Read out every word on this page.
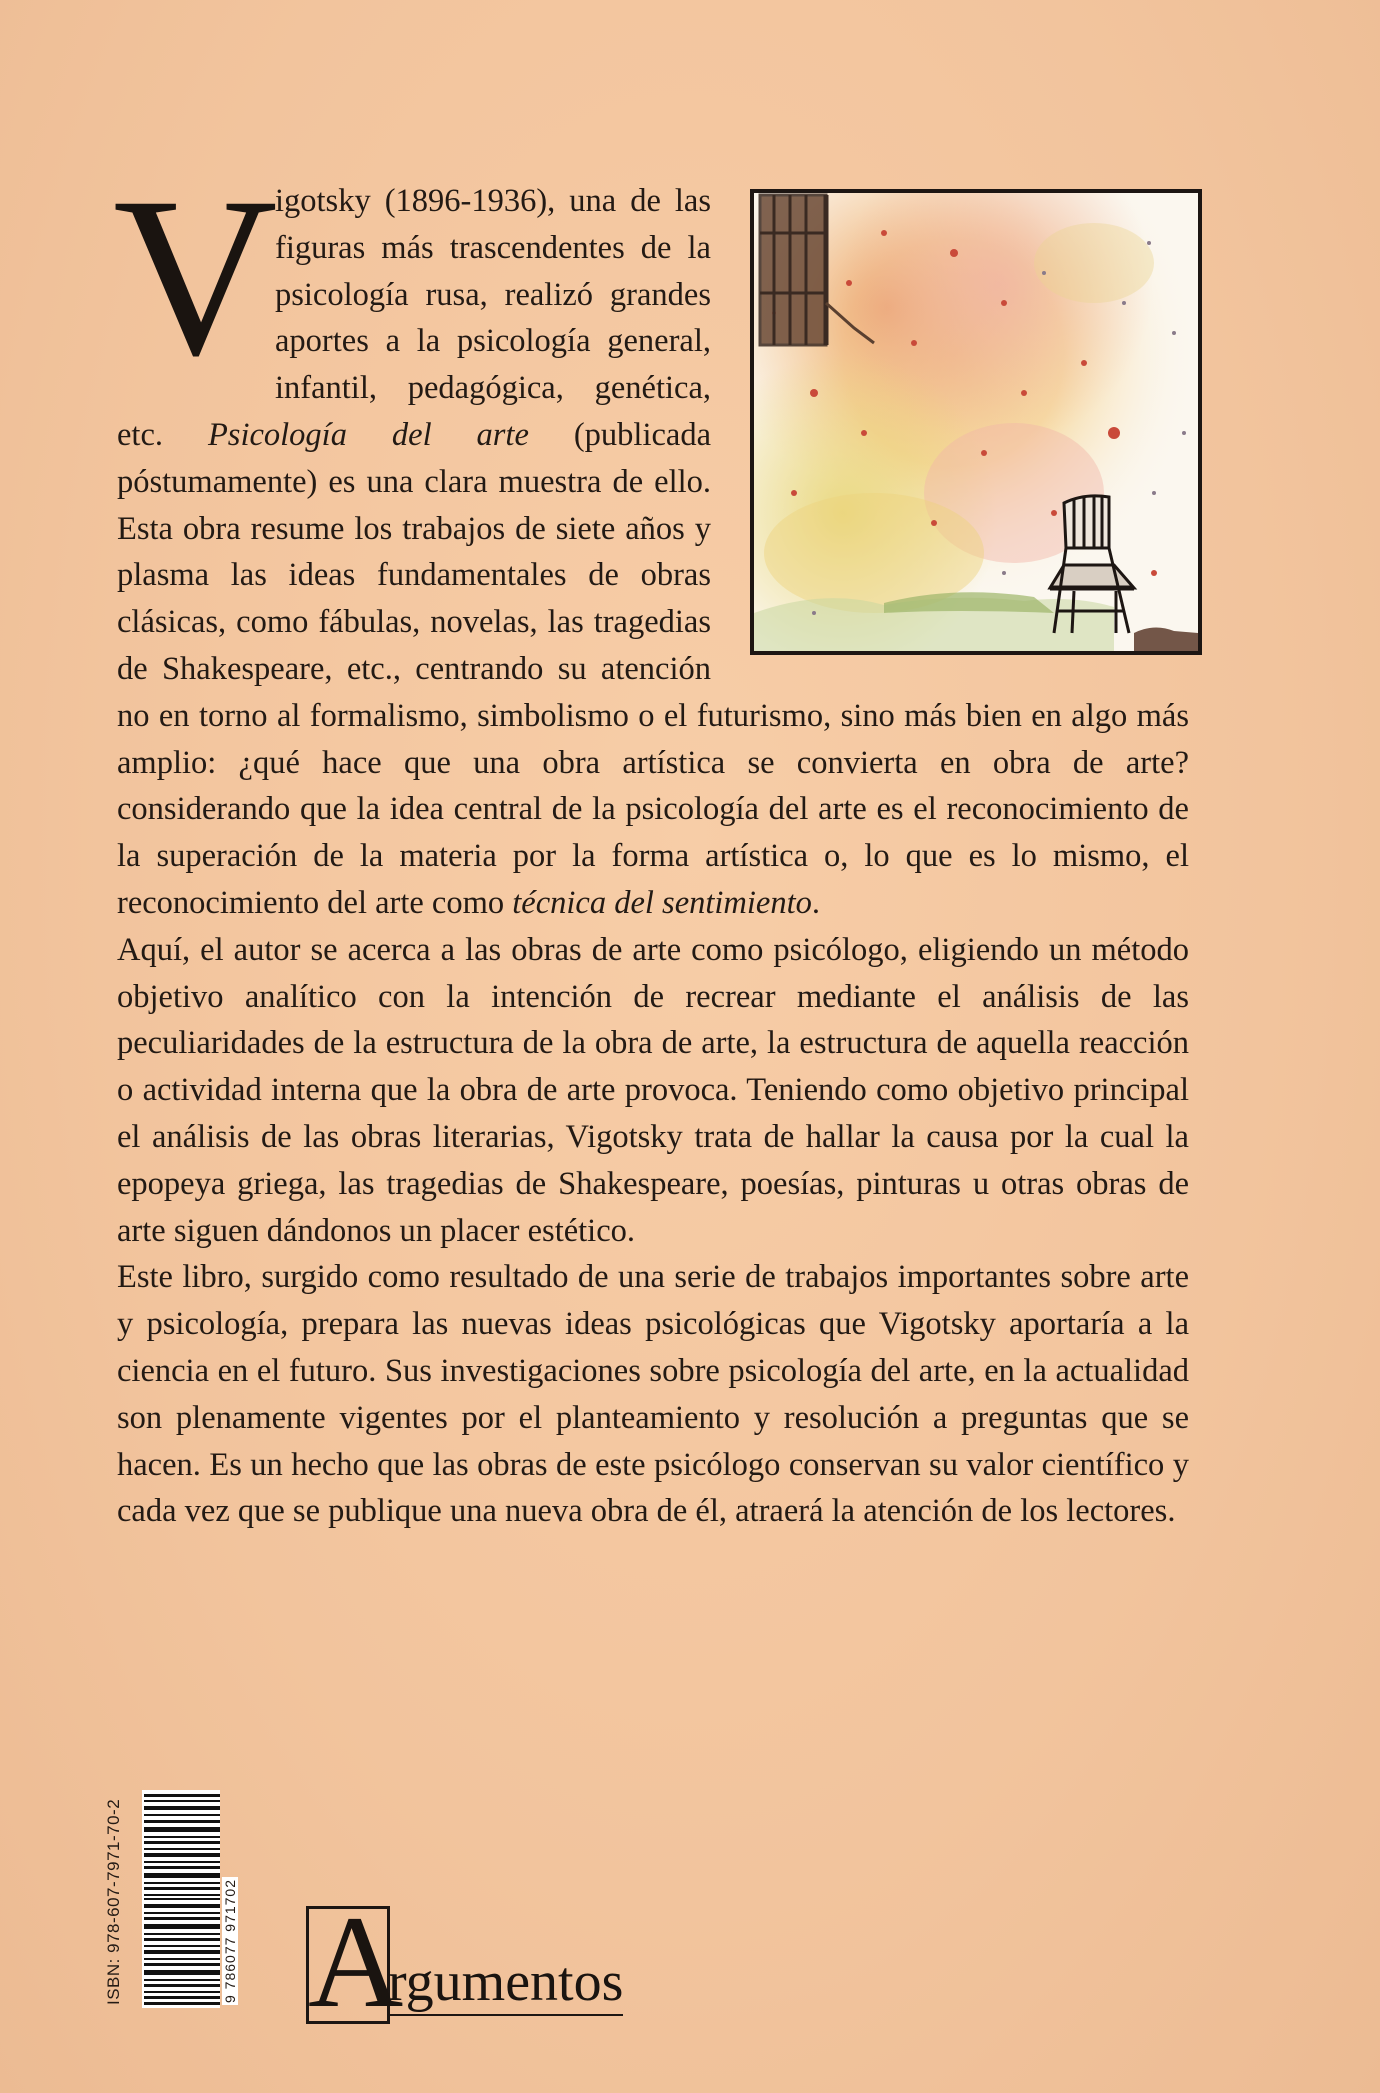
V
igotsky (1896-1936), una de las figuras más trascendentes de la psicología rusa, realizó grandes aportes a la psicología general, infantil, pedagógica, genética, etc. Psicología del arte (publicada póstumamente) es una clara muestra de ello. Esta obra resume los trabajos de siete años y plasma las ideas fundamentales de obras clásicas, como fábulas, novelas, las tragedias de Shakespeare, etc., centrando su atención no en torno al formalismo, simbolismo o el futurismo, sino más bien en algo más amplio: ¿qué hace que una obra artística se convierta en obra de arte? considerando que la idea central de la psicología del arte es el reconocimiento de la superación de la materia por la forma artística o, lo que es lo mismo, el reconocimiento del arte como técnica del sentimiento.

Aquí, el autor se acerca a las obras de arte como psicólogo, eligiendo un método objetivo analítico con la intención de recrear mediante el análisis de las peculiaridades de la estructura de la obra de arte, la estructura de aquella reacción o actividad interna que la obra de arte provoca. Teniendo como objetivo principal el análisis de las obras literarias, Vigotsky trata de hallar la causa por la cual la epopeya griega, las tragedias de Shakespeare, poesías, pinturas u otras obras de arte siguen dándonos un placer estético.

Este libro, surgido como resultado de una serie de trabajos importantes sobre arte y psicología, prepara las nuevas ideas psicológicas que Vigotsky aportaría a la ciencia en el futuro. Sus investigaciones sobre psicología del arte, en la actualidad son plenamente vigentes por el planteamiento y resolución a preguntas que se hacen. Es un hecho que las obras de este psicólogo conservan su valor científico y cada vez que se publique una nueva obra de él, atraerá la atención de los lectores.

ISBN: 978-607-7971-70-2	9 786077 971702 A
rgumentos
